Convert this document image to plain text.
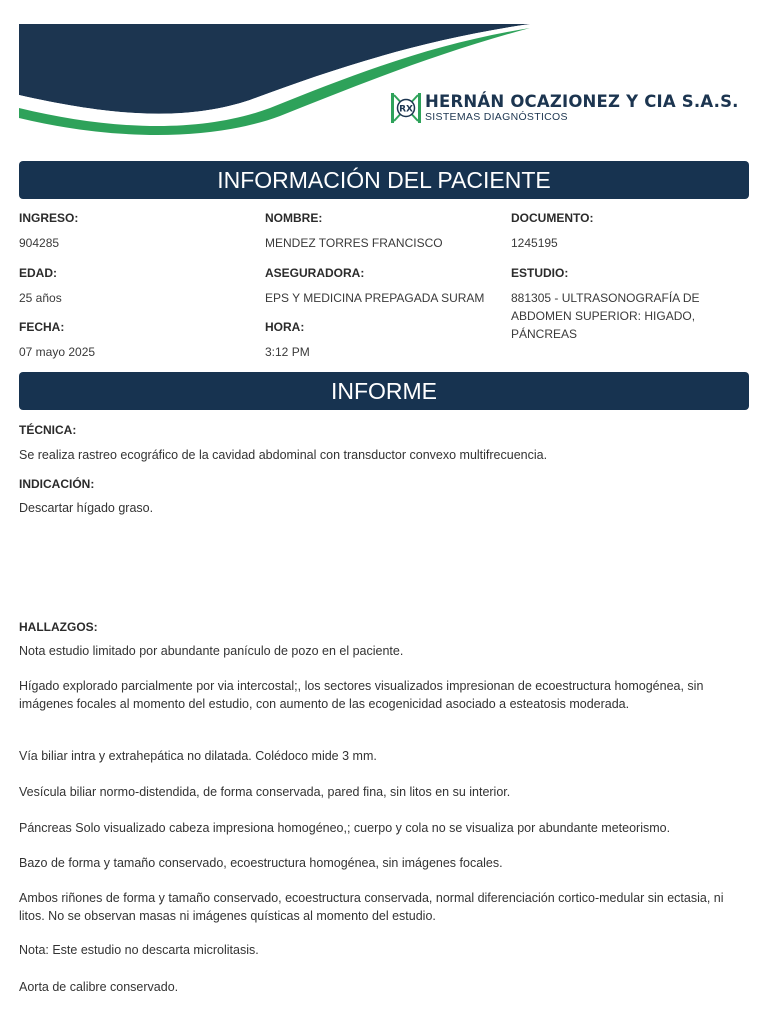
RX HERNÁN OCAZIONEZ Y CIA S.A.S.
SISTEMAS DIAGNÓSTICOS
INFORMACIÓN DEL PACIENTE
INGRESO:
904285
NOMBRE:
MENDEZ TORRES FRANCISCO
DOCUMENTO:
1245195
EDAD:
25 años
ASEGURADORA:
EPS Y MEDICINA PREPAGADA SURAM
ESTUDIO:
881305 - ULTRASONOGRAFÍA DE ABDOMEN SUPERIOR: HIGADO, PÁNCREAS
FECHA:
07 mayo 2025
HORA:
3:12 PM
INFORME
TÉCNICA:
Se realiza rastreo ecográfico de la cavidad abdominal con transductor convexo multifrecuencia.
INDICACIÓN:
Descartar hígado graso.
HALLAZGOS:
Nota estudio limitado por abundante panículo de pozo en el paciente.
Hígado explorado parcialmente por via intercostal;, los sectores visualizados impresionan de ecoestructura homogénea, sin imágenes focales al momento del estudio, con aumento de las ecogenicidad asociado a esteatosis moderada.
Vía biliar intra y extrahepática no dilatada. Colédoco mide 3 mm.
Vesícula biliar normo-distendida, de forma conservada, pared fina, sin litos en su interior.
Páncreas Solo visualizado cabeza impresiona homogéneo,; cuerpo y cola no se visualiza por abundante meteorismo.
Bazo de forma y tamaño conservado, ecoestructura homogénea, sin imágenes focales.
Ambos riñones de forma y tamaño conservado, ecoestructura conservada, normal diferenciación cortico-medular sin ectasia, ni litos. No se observan masas ni imágenes quísticas al momento del estudio.
Nota: Este estudio no descarta microlitasis.
Aorta de calibre conservado.
